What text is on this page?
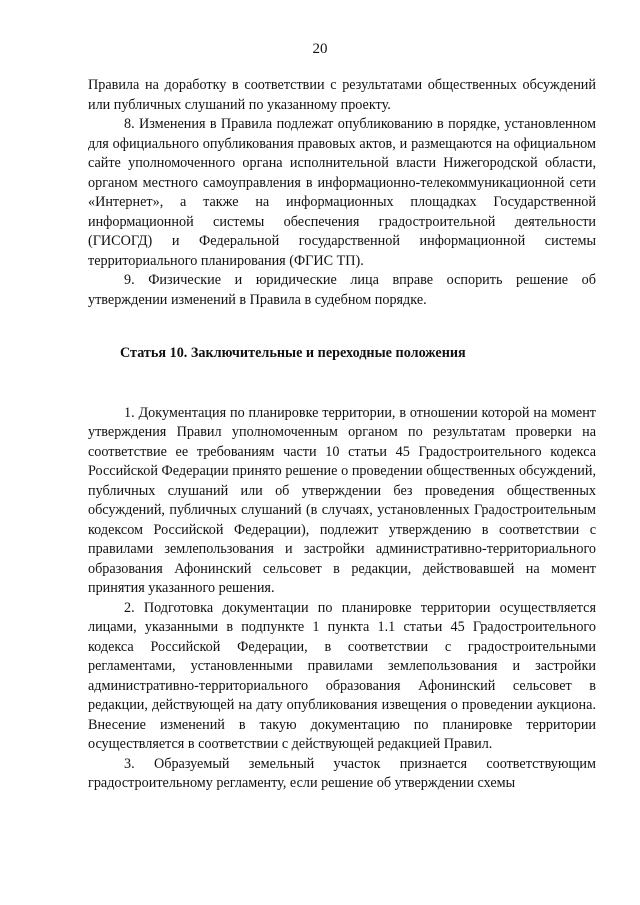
20

Правила на доработку в соответствии с результатами общественных обсуждений или публичных слушаний по указанному проекту.

8. Изменения в Правила подлежат опубликованию в порядке, установленном для официального опубликования правовых актов, и размещаются на официальном сайте уполномоченного органа исполнительной власти Нижегородской области, органом местного самоуправления в информационно-телекоммуникационной сети «Интернет», а также на информационных площадках Государственной информационной системы обеспечения градостроительной деятельности (ГИСОГД) и Федеральной государственной информационной системы территориального планирования (ФГИС ТП).

9. Физические и юридические лица вправе оспорить решение об утверждении изменений в Правила в судебном порядке.

Статья 10. Заключительные и переходные положения

1. Документация по планировке территории, в отношении которой на момент утверждения Правил уполномоченным органом по результатам проверки на соответствие ее требованиям части 10 статьи 45 Градостроительного кодекса Российской Федерации принято решение о проведении общественных обсуждений, публичных слушаний или об утверждении без проведения общественных обсуждений, публичных слушаний (в случаях, установленных Градостроительным кодексом Российской Федерации), подлежит утверждению в соответствии с правилами землепользования и застройки административно-территориального образования Афонинский сельсовет в редакции, действовавшей на момент принятия указанного решения.

2. Подготовка документации по планировке территории осуществляется лицами, указанными в подпункте 1 пункта 1.1 статьи 45 Градостроительного кодекса Российской Федерации, в соответствии с градостроительными регламентами, установленными правилами землепользования и застройки административно-территориального образования Афонинский сельсовет в редакции, действующей на дату опубликования извещения о проведении аукциона. Внесение изменений в такую документацию по планировке территории осуществляется в соответствии с действующей редакцией Правил.

3. Образуемый земельный участок признается соответствующим градостроительному регламенту, если решение об утверждении схемы
